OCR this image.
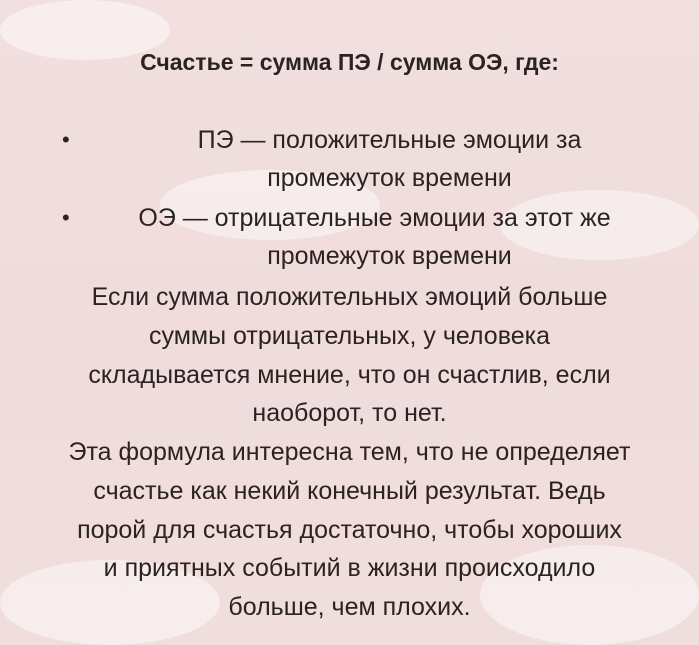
Счастье = сумма ПЭ / сумма ОЭ, где:
•	ПЭ — положительные эмоции за
промежуток времени
•	ОЭ — отрицательные эмоции за этот же
промежуток времени
Если сумма положительных эмоций больше
суммы отрицательных, у человека
складывается мнение, что он счастлив, если
наоборот, то нет.
Эта формула интересна тем, что не определяет
счастье как некий конечный результат. Ведь
порой для счастья достаточно, чтобы хороших
и приятных событий в жизни происходило
больше, чем плохих.
